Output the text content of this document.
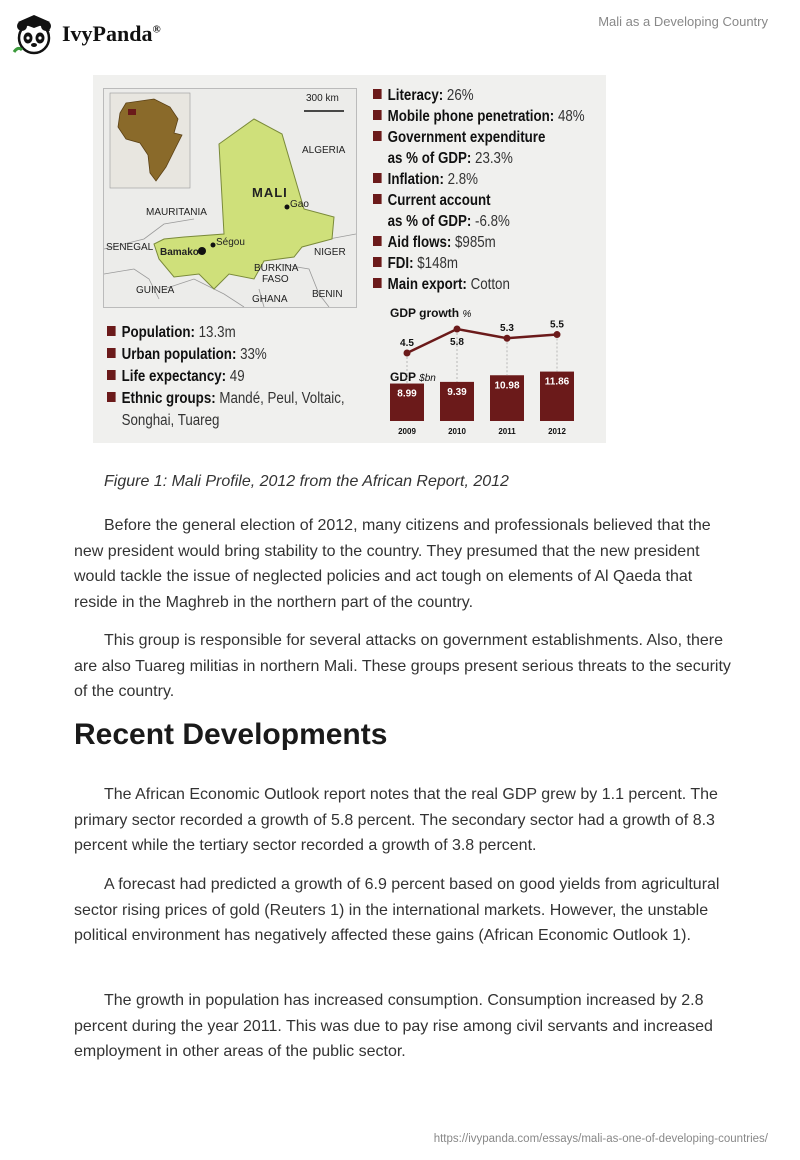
IvyPanda®
Mali as a Developing Country
300 km
ALGERIA
MALI
MAURITANIA
Gao
SENEGAL Bamako
Ségou
NIGER
BURKINA
FASO
GUINEA	BENIN
GHANA
Literacy: 26%
Mobile phone penetration: 48%
Government expenditure
as % of GDP: 23.3%
Inflation: 2.8%
Current account
as % of GDP: -6.8%
Aid flows: $985m
FDI: $148m
Main export: Cotton
Population: 13.3m
Urban population: 33%
Life expectancy: 49
Ethnic groups: Mandé, Peul, Voltaic,
Songhai, Tuareg
GDP growth %
GDP $bn
8.99
2009
9.39
2010
10.98
2011
11.86
2012
4.5	5.8
5.3	5.5
Figure 1: Mali Profile, 2012 from the African Report, 2012

Before the general election of 2012, many citizens and professionals believed that the new president would bring stability to the country. They presumed that the new president would tackle the issue of neglected policies and act tough on elements of Al Qaeda that reside in the Maghreb in the northern part of the country.

This group is responsible for several attacks on government establishments. Also, there are also Tuareg militias in northern Mali. These groups present serious threats to the security of the country.

Recent Developments

The African Economic Outlook report notes that the real GDP grew by 1.1 percent. The primary sector recorded a growth of 5.8 percent. The secondary sector had a growth of 8.3 percent while the tertiary sector recorded a growth of 3.8 percent.

A forecast had predicted a growth of 6.9 percent based on good yields from agricultural sector rising prices of gold (Reuters 1) in the international markets. However, the unstable political environment has negatively affected these gains (African Economic Outlook 1).

The growth in population has increased consumption. Consumption increased by 2.8 percent during the year 2011. This was due to pay rise among civil servants and increased employment in other areas of the public sector.

https://ivypanda.com/essays/mali-as-one-of-developing-countries/
